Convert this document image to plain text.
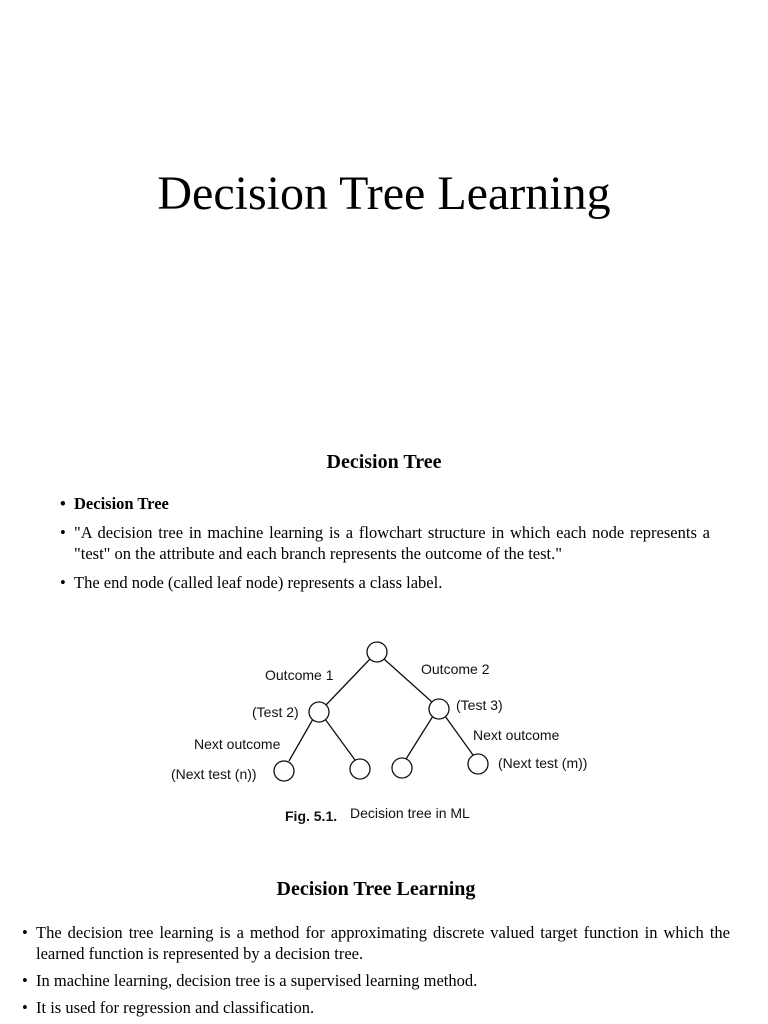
Decision Tree Learning
Decision Tree
• Decision Tree
• "A decision tree in machine learning is a flowchart structure in which each node represents a "test" on the attribute and each branch represents the outcome of the test."
• The end node (called leaf node) represents a class label.
Outcome 1	Outcome 2
(Test 2)	(Test 3)
Next outcome
Next outcome
(Next test (n))
(Next test (m))
Fig. 5.1. Decision tree in ML
Decision Tree Learning
• The decision tree learning is a method for approximating discrete valued target function in which the learned function is represented by a decision tree.
• In machine learning, decision tree is a supervised learning method.
• It is used for regression and classification.
